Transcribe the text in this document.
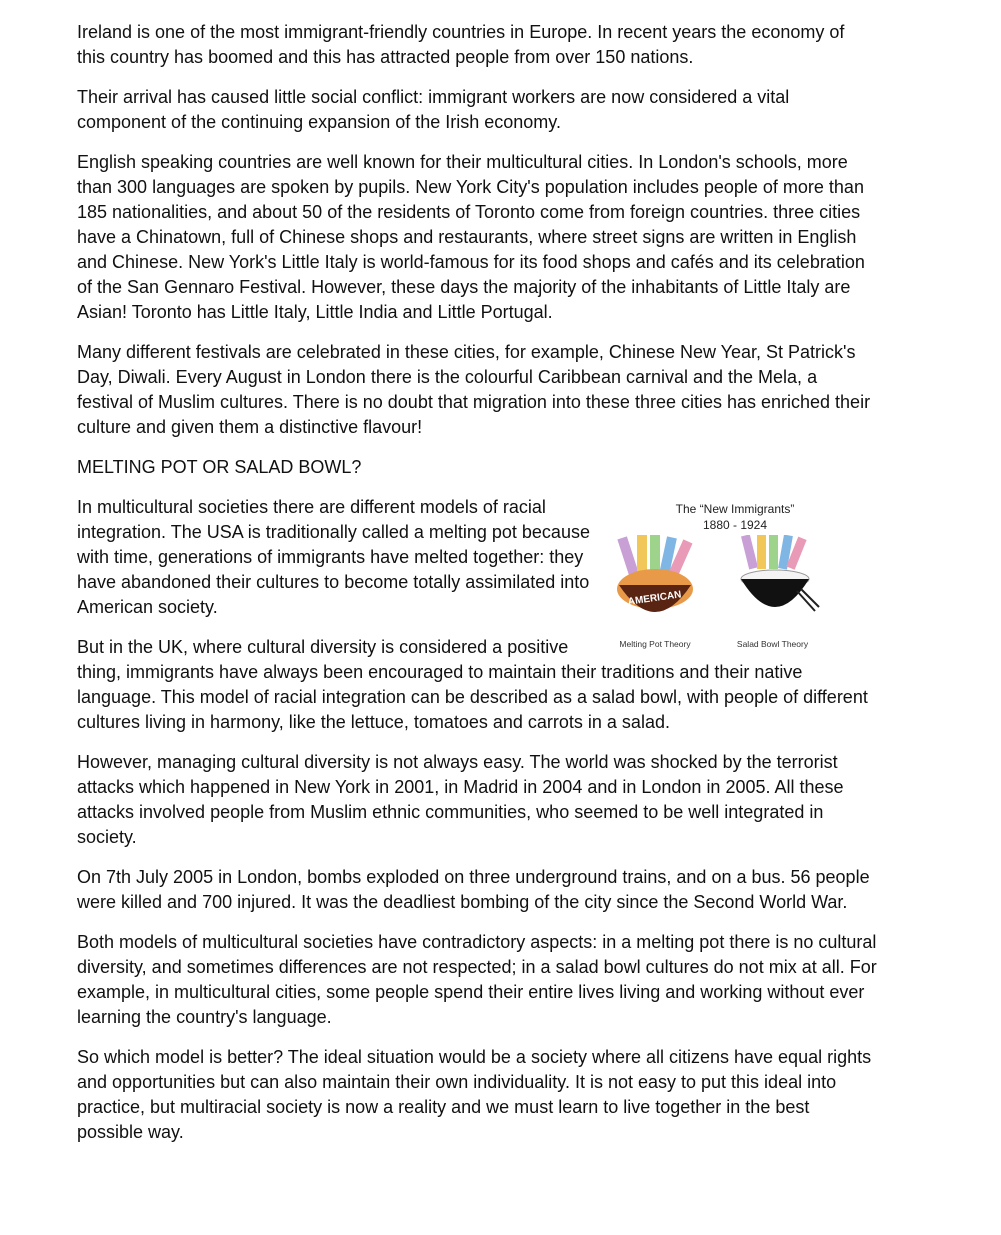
Ireland is one of the most immigrant-friendly countries in Europe. In recent years the economy of this country has boomed and this has attracted people from over 150 nations.

Their arrival has caused little social conflict: immigrant workers are now considered a vital component of the continuing expansion of the Irish economy.

English speaking countries are well known for their multicultural cities. In London's schools, more than 300 languages are spoken by pupils. New York City's population includes people of more than 185 nationalities, and about 50 of the residents of Toronto come from foreign countries. three cities have a Chinatown, full of Chinese shops and restaurants, where street signs are written in English and Chinese. New York's Little Italy is world-famous for its food shops and cafés and its celebration of the San Gennaro Festival. However, these days the majority of the inhabitants of Little Italy are Asian! Toronto has Little Italy, Little India and Little Portugal.

Many different festivals are celebrated in these cities, for example, Chinese New Year, St Patrick's Day, Diwali. Every August in London there is the colourful Caribbean carnival and the Mela, a festival of Muslim cultures. There is no doubt that migration into these three cities has enriched their culture and given them a distinctive flavour!

MELTING POT OR SALAD BOWL?
The “New Immigrants”
1880 - 1924
AMERICAN
Melting Pot Theory	Salad Bowl Theory

In multicultural societies there are different models of racial integration. The USA is traditionally called a melting pot because with time, generations of immigrants have melted together: they have abandoned their cultures to become totally assimilated into American society.

But in the UK, where cultural diversity is considered a positive thing, immigrants have always been encouraged to maintain their traditions and their native language. This model of racial integration can be described as a salad bowl, with people of different cultures living in harmony, like the lettuce, tomatoes and carrots in a salad.

However, managing cultural diversity is not always easy. The world was shocked by the terrorist attacks which happened in New York in 2001, in Madrid in 2004 and in London in 2005. All these attacks involved people from Muslim ethnic communities, who seemed to be well integrated in society.

On 7th July 2005 in London, bombs exploded on three underground trains, and on a bus. 56 people were killed and 700 injured. It was the deadliest bombing of the city since the Second World War.

Both models of multicultural societies have contradictory aspects: in a melting pot there is no cultural diversity, and sometimes differences are not respected; in a salad bowl cultures do not mix at all. For example, in multicultural cities, some people spend their entire lives living and working without ever learning the country's language.

So which model is better? The ideal situation would be a society where all citizens have equal rights and opportunities but can also maintain their own individuality. It is not easy to put this ideal into practice, but multiracial society is now a reality and we must learn to live together in the best possible way.
